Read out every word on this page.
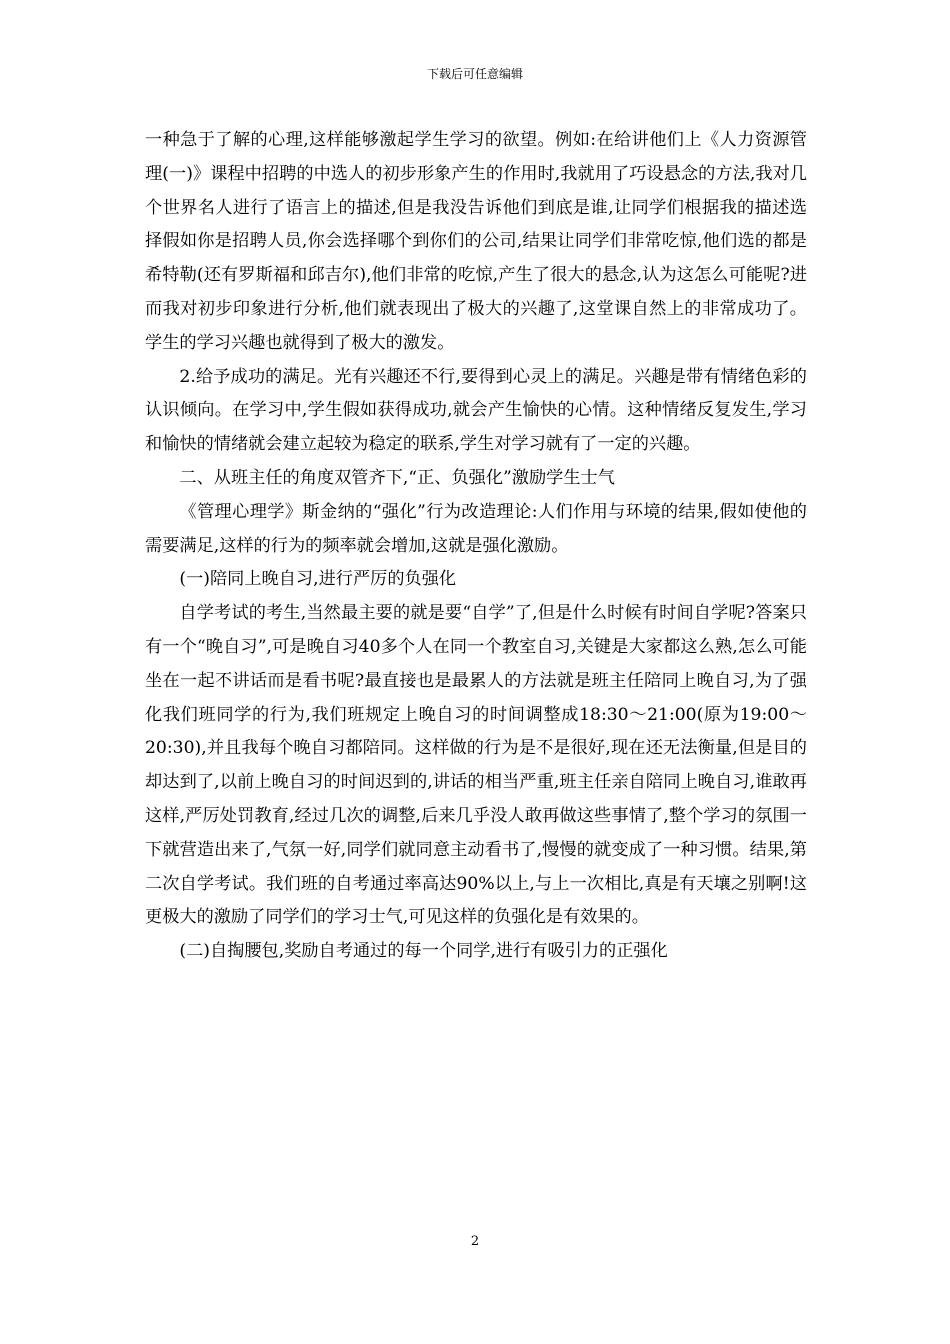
下载后可任意编辑

一种急于了解的心理,这样能够激起学生学习的欲望。例如:在给讲他们上《人力资源管理(一)》课程中招聘的中选人的初步形象产生的作用时,我就用了巧设悬念的方法,我对几个世界名人进行了语言上的描述,但是我没告诉他们到底是谁,让同学们根据我的描述选择假如你是招聘人员,你会选择哪个到你们的公司,结果让同学们非常吃惊,他们选的都是希特勒(还有罗斯福和邱吉尔),他们非常的吃惊,产生了很大的悬念,认为这怎么可能呢?进而我对初步印象进行分析,他们就表现出了极大的兴趣了,这堂课自然上的非常成功了。学生的学习兴趣也就得到了极大的激发。

2.给予成功的满足。光有兴趣还不行,要得到心灵上的满足。兴趣是带有情绪色彩的认识倾向。在学习中,学生假如获得成功,就会产生愉快的心情。这种情绪反复发生,学习和愉快的情绪就会建立起较为稳定的联系,学生对学习就有了一定的兴趣。

二、从班主任的角度双管齐下,“正、负强化”激励学生士气

《管理心理学》斯金纳的“强化”行为改造理论:人们作用与环境的结果,假如使他的需要满足,这样的行为的频率就会增加,这就是强化激励。

(一)陪同上晚自习,进行严厉的负强化

自学考试的考生,当然最主要的就是要“自学”了,但是什么时候有时间自学呢?答案只有一个“晚自习”,可是晚自习40多个人在同一个教室自习,关键是大家都这么熟,怎么可能坐在一起不讲话而是看书呢?最直接也是最累人的方法就是班主任陪同上晚自习,为了强化我们班同学的行为,我们班规定上晚自习的时间调整成18:30～21:00(原为19:00～20:30),并且我每个晚自习都陪同。这样做的行为是不是很好,现在还无法衡量,但是目的却达到了,以前上晚自习的时间迟到的,讲话的相当严重,班主任亲自陪同上晚自习,谁敢再这样,严厉处罚教育,经过几次的调整,后来几乎没人敢再做这些事情了,整个学习的氛围一下就营造出来了,气氛一好,同学们就同意主动看书了,慢慢的就变成了一种习惯。结果,第二次自学考试。我们班的自考通过率高达90%以上,与上一次相比,真是有天壤之别啊!这更极大的激励了同学们的学习士气,可见这样的负强化是有效果的。

(二)自掏腰包,奖励自考通过的每一个同学,进行有吸引力的正强化

2
